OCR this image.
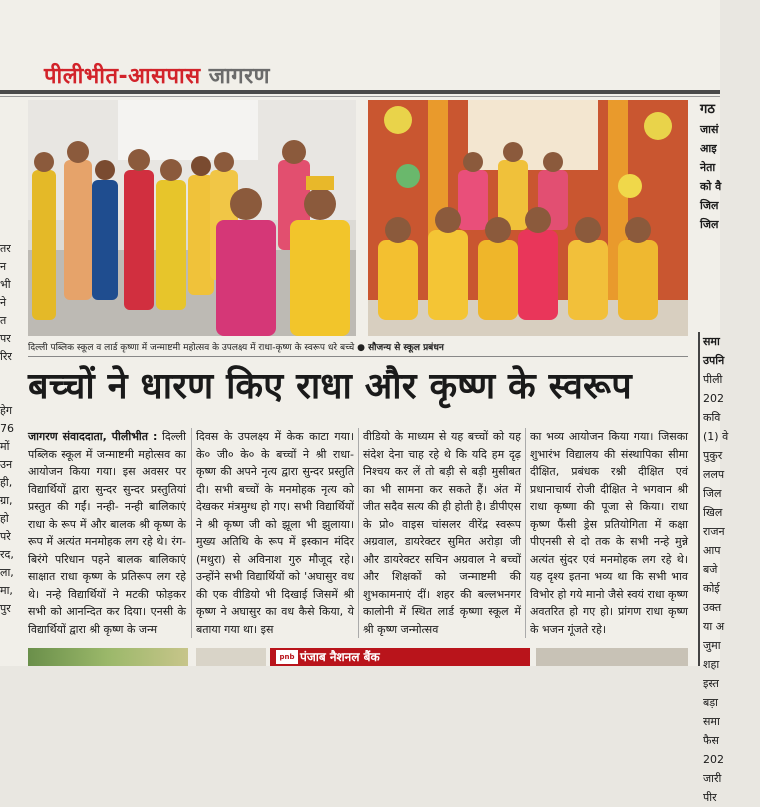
पीलीभीत-आसपास जागरण
दिल्ली पब्लिक स्कूल व लार्ड कृष्णा में जन्माष्टमी महोत्सव के उपलक्ष्य में राधा-कृष्ण के स्वरूप धरे बच्चे ● सौजन्य से स्कूल प्रबंधन
बच्चों ने धारण किए राधा और कृष्ण के स्वरूप
जागरण संवाददाता, पीलीभीत : दिल्ली पब्लिक स्कूल में जन्माष्टमी महोत्सव का आयोजन किया गया। इस अवसर पर विद्यार्थियों द्वारा सुन्दर सुन्दर प्रस्तुतियां प्रस्तुत की गईं। नन्ही- नन्ही बालिकाएं राधा के रूप में और बालक श्री कृष्ण के रूप में अत्यंत मनमोहक लग रहे थे। रंग-बिरंगे परिधान पहने बालक बालिकाएं साक्षात राधा कृष्ण के प्रतिरूप लग रहे थे। नन्हे विद्यार्थियों ने मटकी फोड़कर सभी को आनन्दित कर दिया। एनसी के विद्यार्थियों द्वारा श्री कृष्ण के जन्म
दिवस के उपलक्ष्य में केक काटा गया। के० जी० के० के बच्चों ने श्री राधा- कृष्ण की अपने नृत्य द्वारा सुन्दर प्रस्तुति दी। सभी बच्चों के मनमोहक नृत्य को देखकर मंत्रमुग्ध हो गए। सभी विद्यार्थियों ने श्री कृष्ण जी को झूला भी झुलाया। मुख्य अतिथि के रूप में इस्कान मंदिर (मथुरा) से अविनाश गुरु मौजूद रहे। उन्होंने सभी विद्यार्थियों को 'अघासुर वध की एक वीडियो भी दिखाई जिसमें श्री कृष्ण ने अघासुर का वध कैसे किया, ये बताया गया था। इस
वीडियो के माध्यम से यह बच्चों को यह संदेश देना चाह रहे थे कि यदि हम दृढ़ निश्चय कर लें तो बड़ी से बड़ी मुसीबत का भी सामना कर सकते हैं। अंत में जीत सदैव सत्य की ही होती है। डीपीएस के प्रो० वाइस चांसलर वीरेंद्र स्वरूप अग्रवाल, डायरेक्टर सुमित अरोड़ा जी और डायरेक्टर सचिन अग्रवाल ने बच्चों और शिक्षकों को जन्माष्टमी की शुभकामनाएं दीं। शहर की बल्लभनगर कालोनी में स्थित लार्ड कृष्णा स्कूल में श्री कृष्ण जन्मोत्सव
का भव्य आयोजन किया गया। जिसका शुभारंभ विद्यालय की संस्थापिका सीमा दीक्षित, प्रबंधक रश्नी दीक्षित एवं प्रधानाचार्य रोजी दीक्षित ने भगवान श्री राधा कृष्णा की पूजा से किया। राधा कृष्ण फैंसी ड्रेस प्रतियोगिता में कक्षा पीएनसी से दो तक के सभी नन्हे मुन्ने अत्यंत सुंदर एवं मनमोहक लग रहे थे। यह दृश्य इतना भव्य था कि सभी भाव विभोर हो गये मानो जैसे स्वयं राधा कृष्ण अवतरित हो गए हो। प्रांगण राधा कृष्ण के भजन गूंजते रहे।
गठ
जासं
आइ
नेता
को वै
जिल
जिल
समा
उपनि
पीली
202
कवि
(1) वे
पुकुर
ललप
जिल
खिल
राजन
आप
बजे
कोई
उक्त
या अ
जुमा
शहा
इस्त
बड़ा
समा
फैस
202
जारी
पीर
तर
न
भी
ने
त
पर
रिर

हेग
76
मों
उन
ही,
ग्रा,
हो
परे
रद,
ला,
मा,
पुर
पंजाब नैशनल बैंक
pnb
